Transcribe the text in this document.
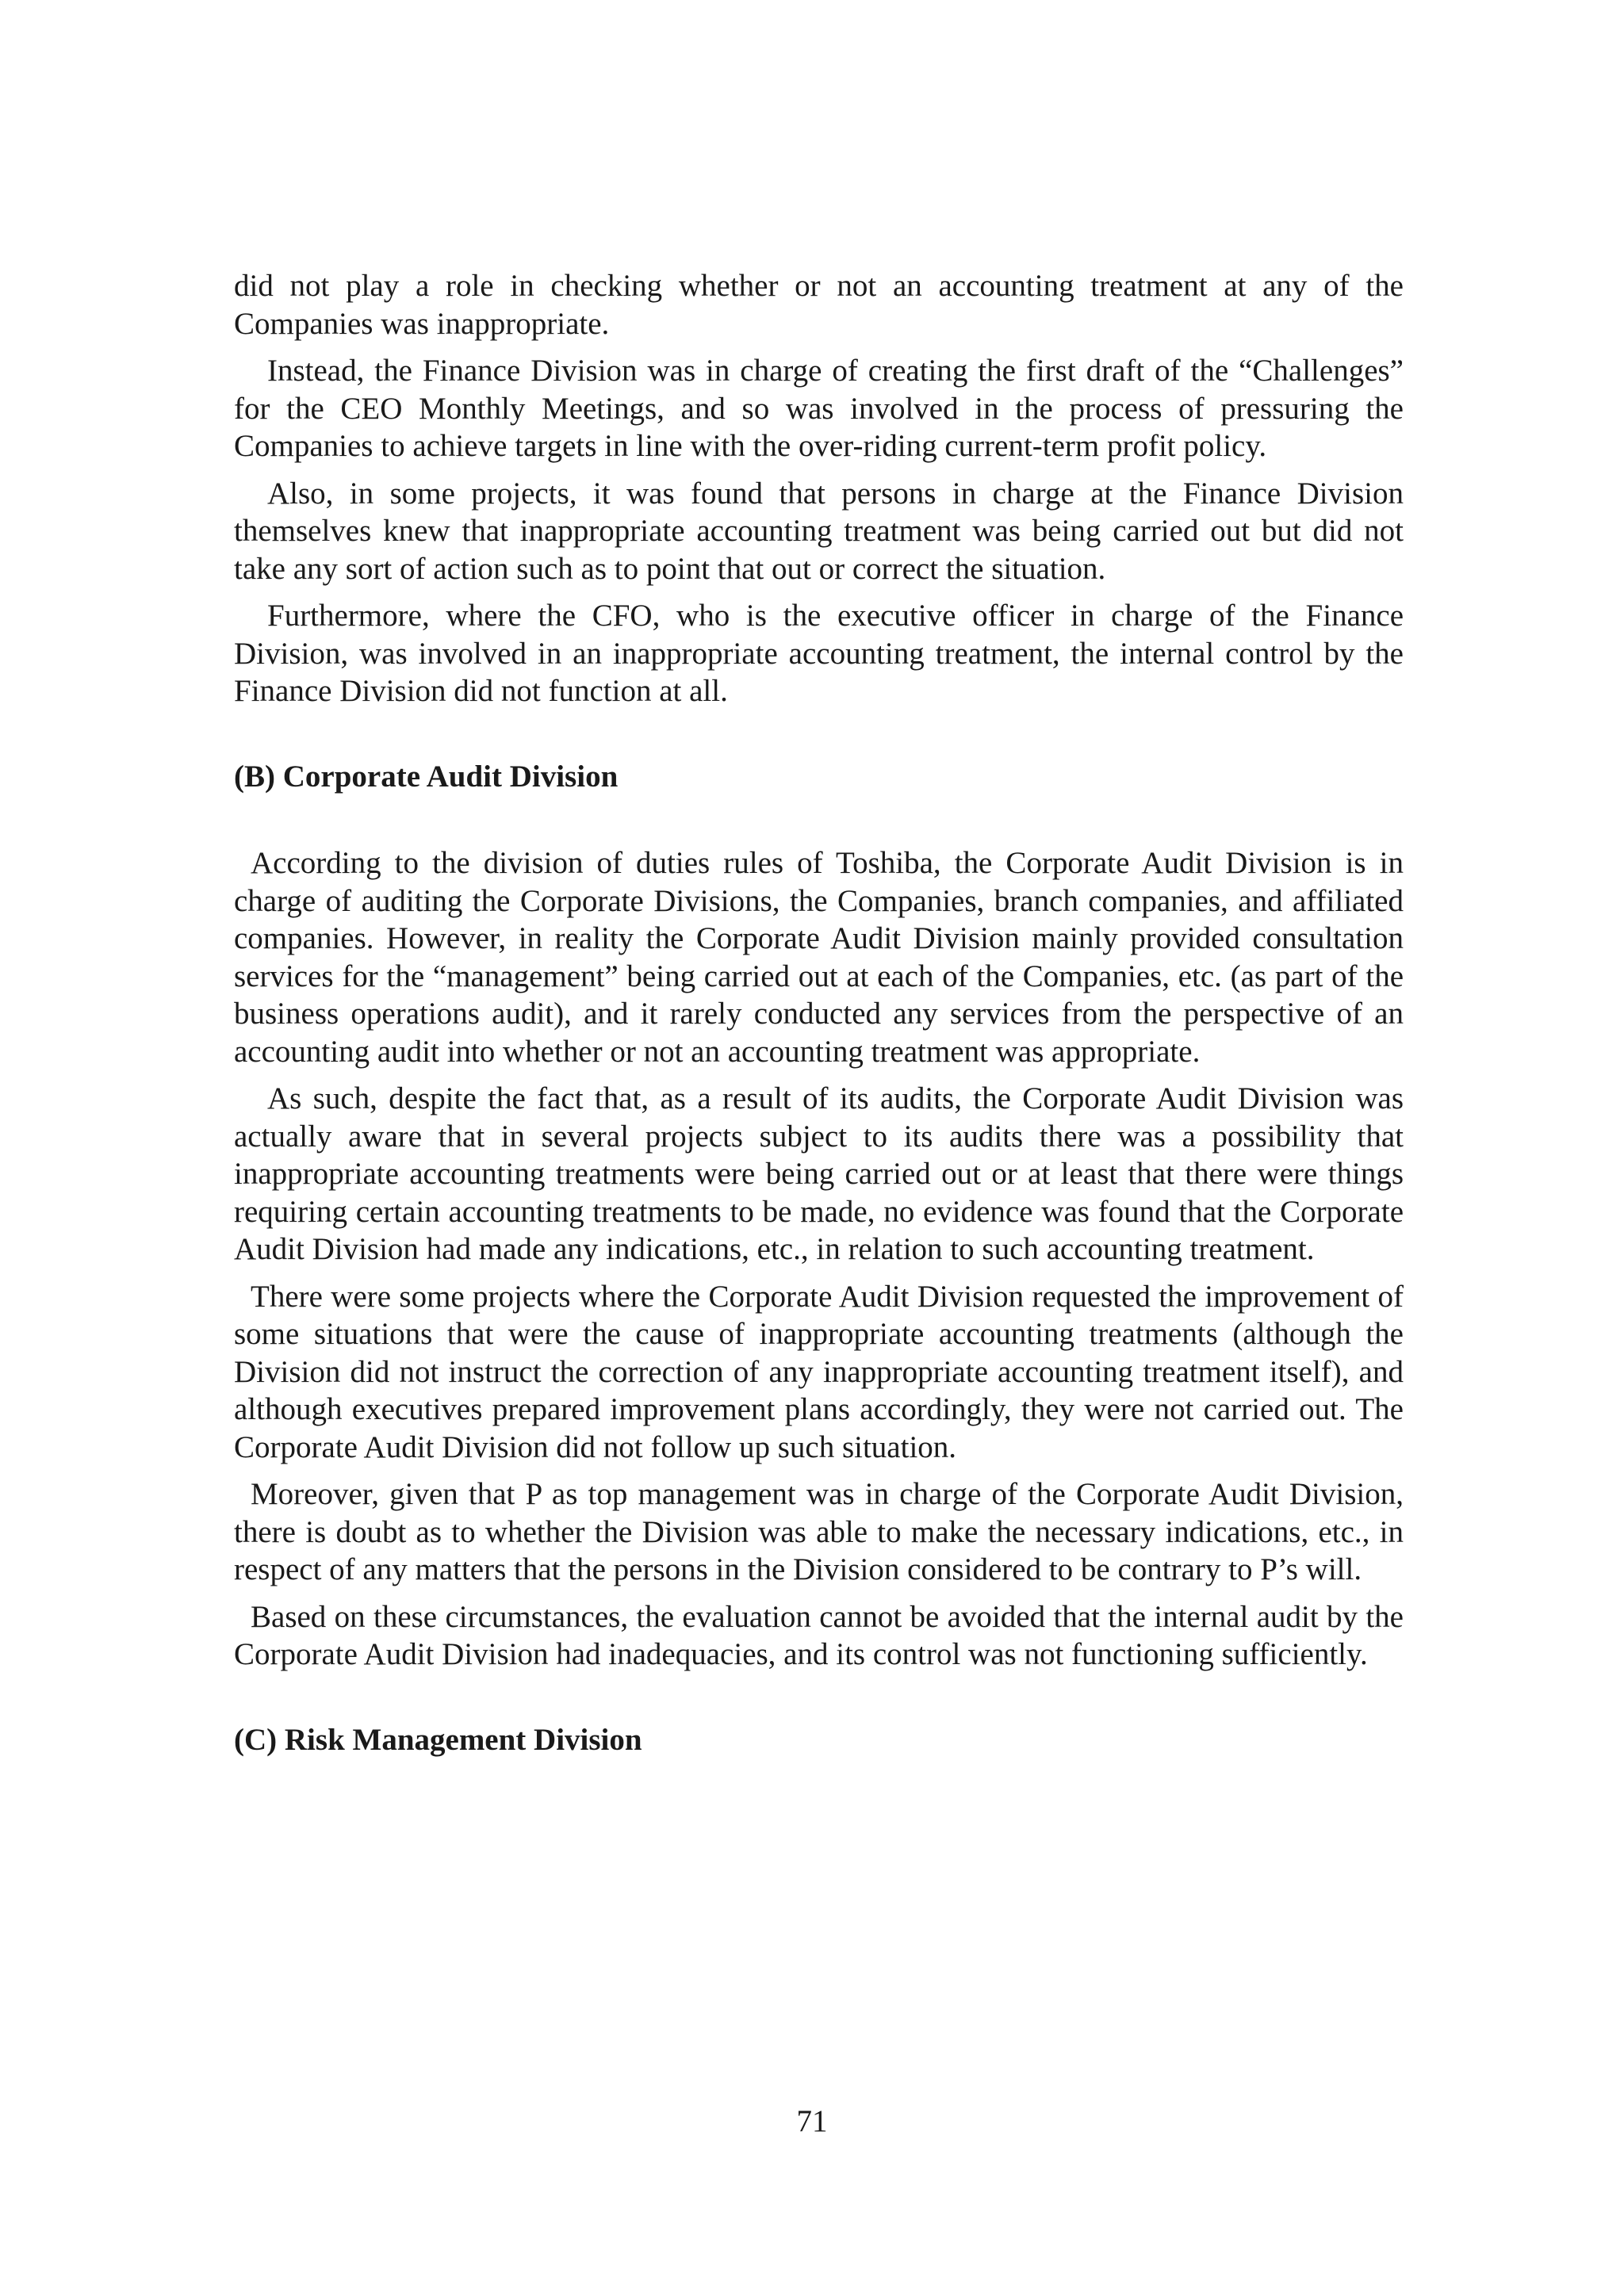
did not play a role in checking whether or not an accounting treatment at any of the Companies was inappropriate.

Instead, the Finance Division was in charge of creating the first draft of the “Challenges” for the CEO Monthly Meetings, and so was involved in the process of pressuring the Companies to achieve targets in line with the over-riding current-term profit policy.

Also, in some projects, it was found that persons in charge at the Finance Division themselves knew that inappropriate accounting treatment was being carried out but did not take any sort of action such as to point that out or correct the situation.

Furthermore, where the CFO, who is the executive officer in charge of the Finance Division, was involved in an inappropriate accounting treatment, the internal control by the Finance Division did not function at all.

(B) Corporate Audit Division

According to the division of duties rules of Toshiba, the Corporate Audit Division is in charge of auditing the Corporate Divisions, the Companies, branch companies, and affiliated companies. However, in reality the Corporate Audit Division mainly provided consultation services for the “management” being carried out at each of the Companies, etc. (as part of the business operations audit), and it rarely conducted any services from the perspective of an accounting audit into whether or not an accounting treatment was appropriate.

As such, despite the fact that, as a result of its audits, the Corporate Audit Division was actually aware that in several projects subject to its audits there was a possibility that inappropriate accounting treatments were being carried out or at least that there were things requiring certain accounting treatments to be made, no evidence was found that the Corporate Audit Division had made any indications, etc., in relation to such accounting treatment.

There were some projects where the Corporate Audit Division requested the improvement of some situations that were the cause of inappropriate accounting treatments (although the Division did not instruct the correction of any inappropriate accounting treatment itself), and although executives prepared improvement plans accordingly, they were not carried out. The Corporate Audit Division did not follow up such situation.

Moreover, given that P as top management was in charge of the Corporate Audit Division, there is doubt as to whether the Division was able to make the necessary indications, etc., in respect of any matters that the persons in the Division considered to be contrary to P’s will.

Based on these circumstances, the evaluation cannot be avoided that the internal audit by the Corporate Audit Division had inadequacies, and its control was not functioning sufficiently.

(C) Risk Management Division
71
